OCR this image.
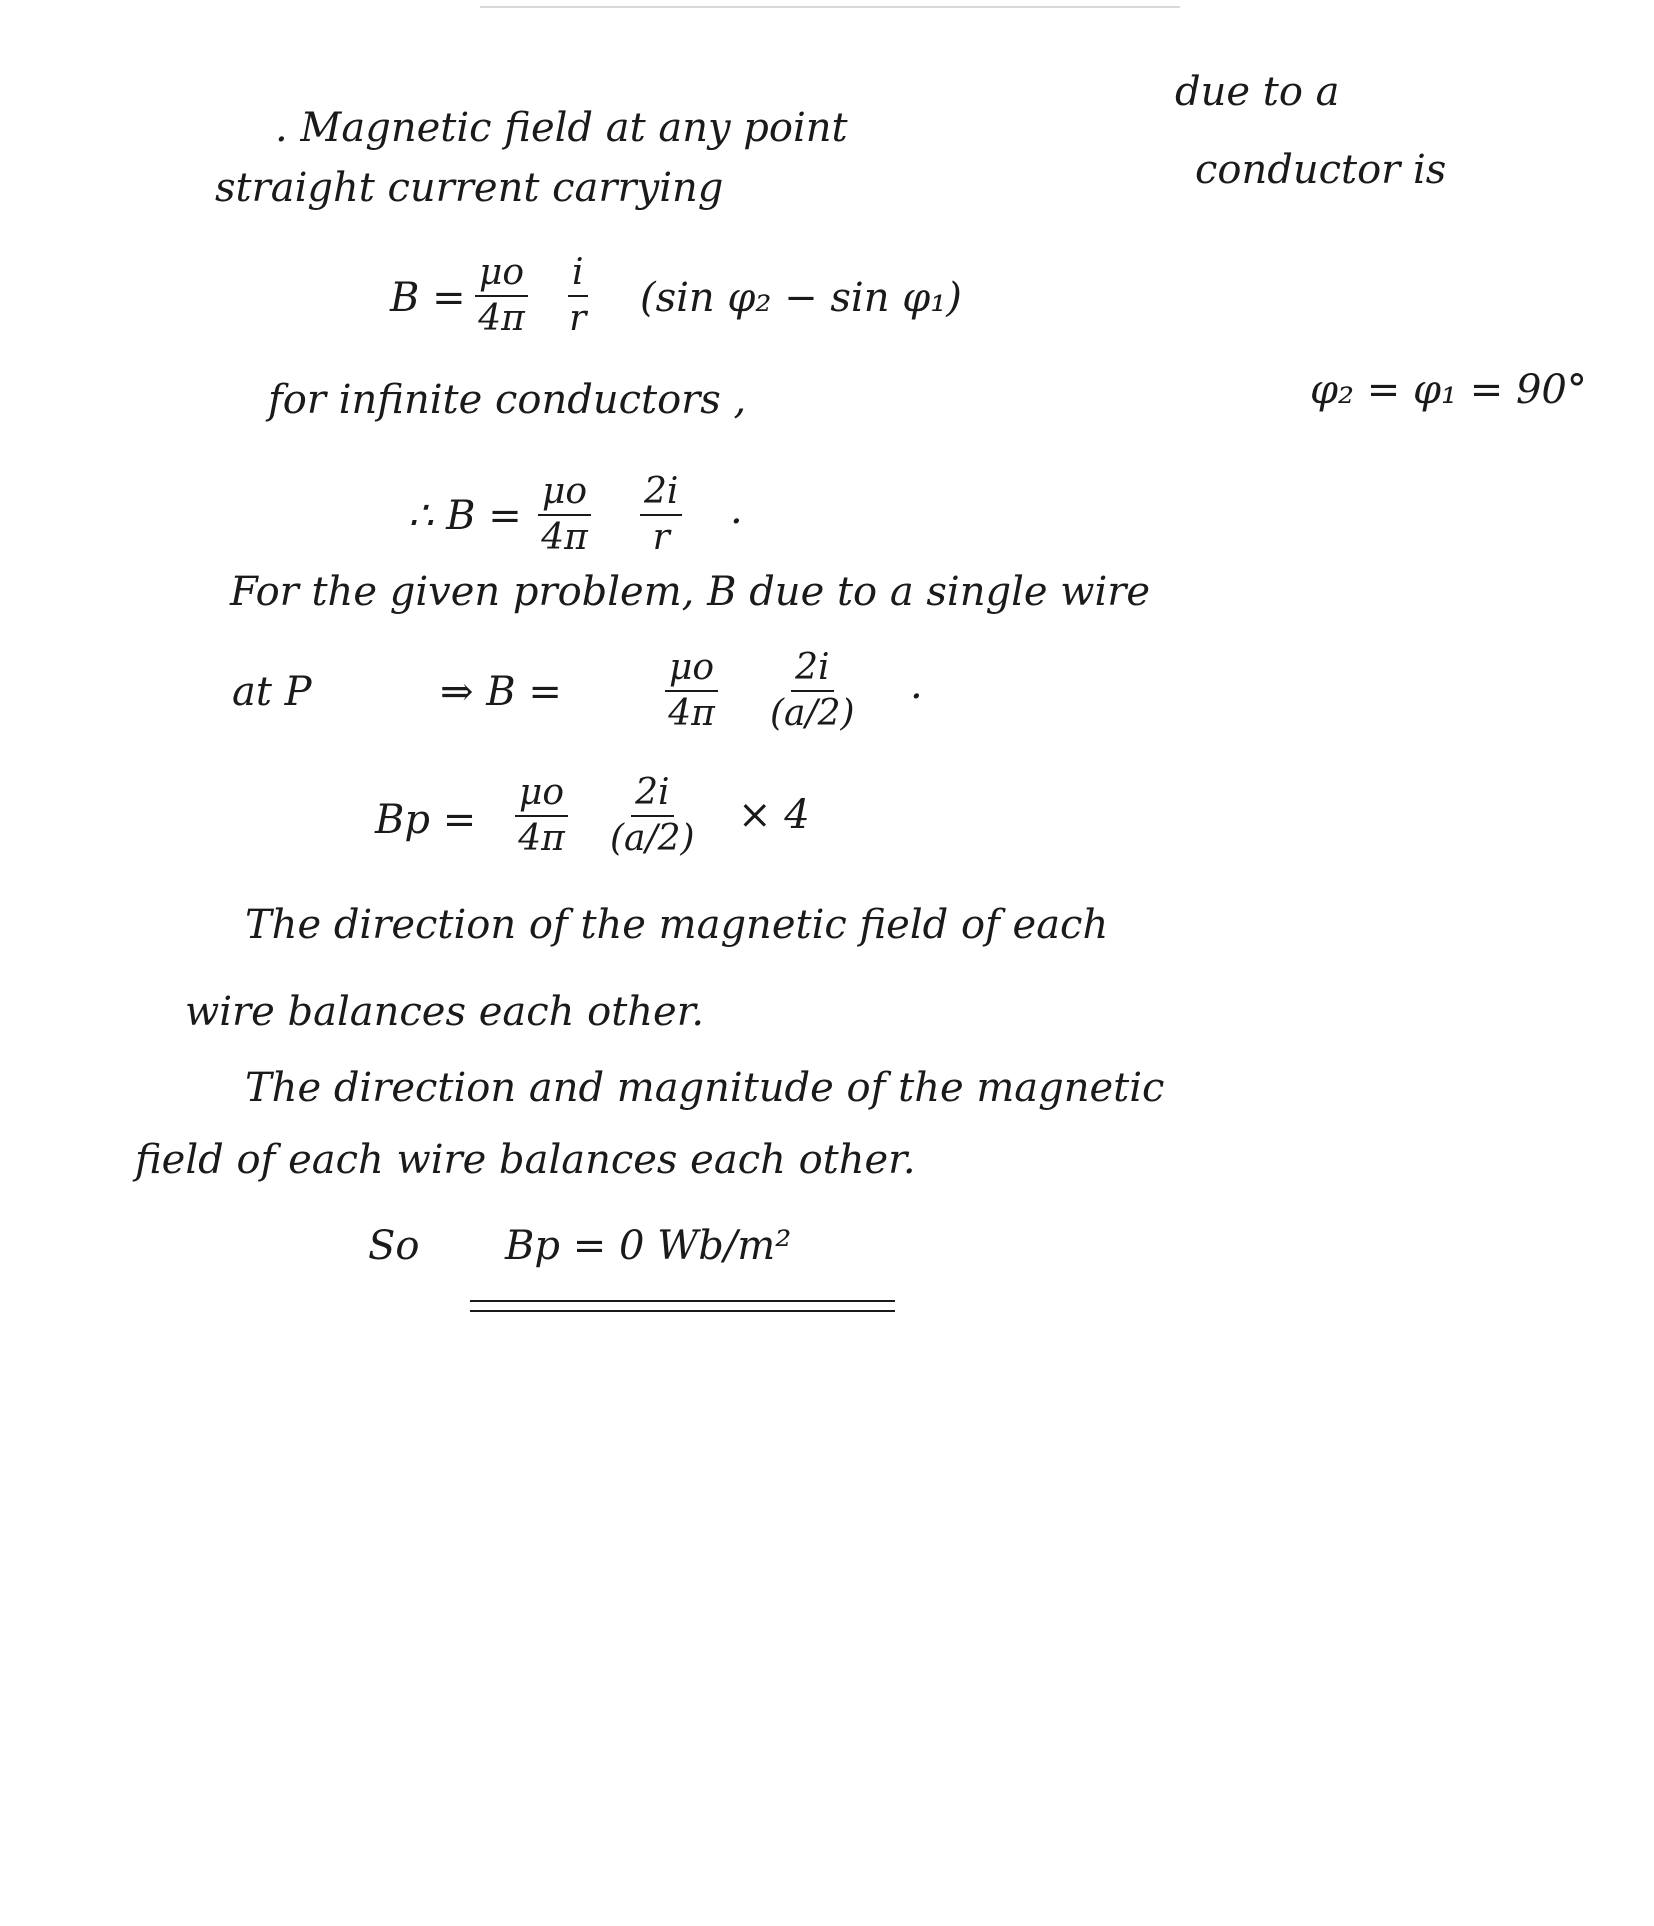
. Magnetic field at any point
due to a
straight current carrying	conductor is
$B = \frac{\mu o}{4\pi} \frac{i}{r} (\sin$ φ₂ − sin φ₁)
for infinite conductors ,	φ₂ = φ₁ = 90°
∴ $B = \frac{\mu o}{4\pi} \frac{2i}{r}$ .
For the given problem, B due to a single wire
at P	⇒ B =	$\frac{\mu o}{4\pi} \frac{2i}{(a/2)}$ .
$Bp = \frac{\mu o}{4\pi} \frac{2i}{(a/2)} \times 4$
The direction of the magnetic field of each
wire balances each other.
The direction and magnitude of the magnetic
field of each wire balances each other.
So Bp = 0 Wb/m²
